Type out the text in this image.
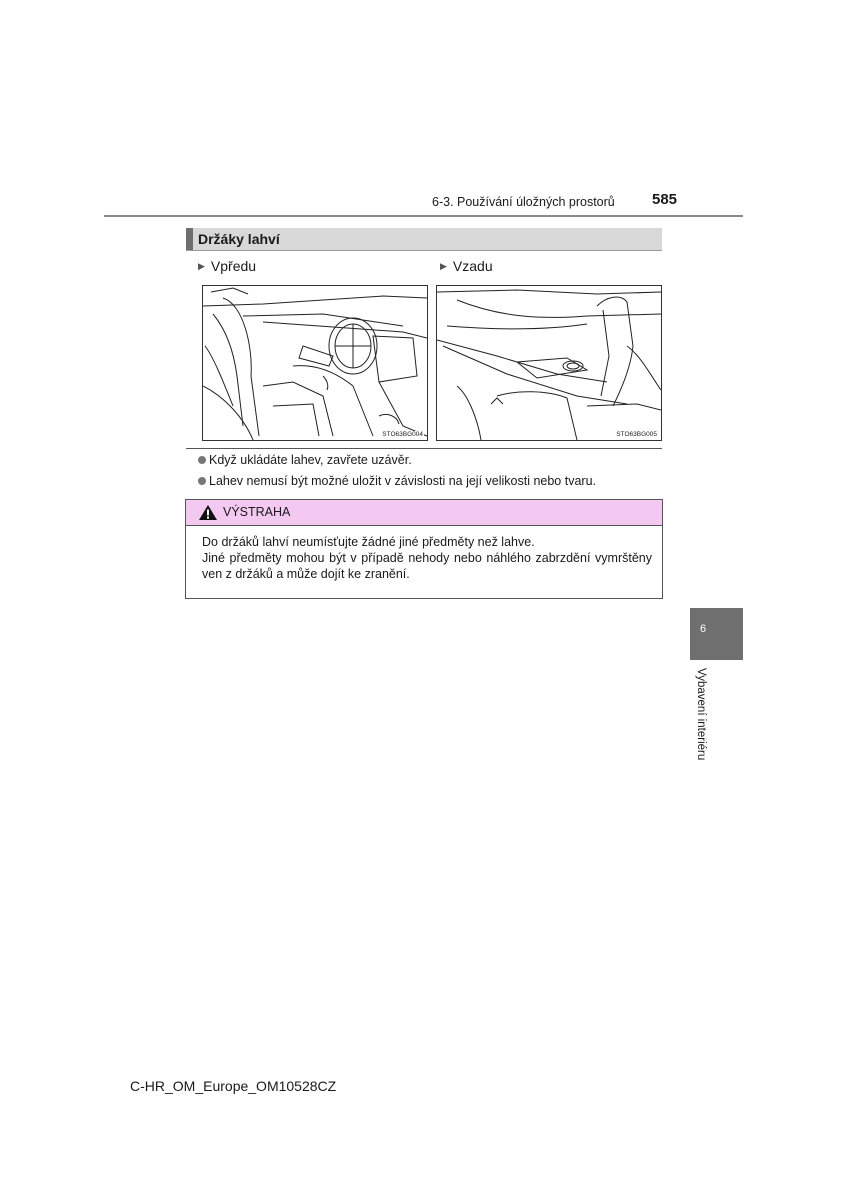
6-3. Používání úložných prostorů 585
Držáky lahví
▶ Vpředu	▶ Vzadu
STO63BG004	STO63BG005
Když ukládáte lahev, zavřete uzávěr.
Lahev nemusí být možné uložit v závislosti na její velikosti nebo tvaru.
VÝSTRAHA

Do držáků lahví neumísťujte žádné jiné předměty než lahve.

Jiné předměty mohou být v případě nehody nebo náhlého zabrzdění vymrštěny ven z držáků a může dojít ke zranění.

6
Vybavení interiéru
C-HR_OM_Europe_OM10528CZ
